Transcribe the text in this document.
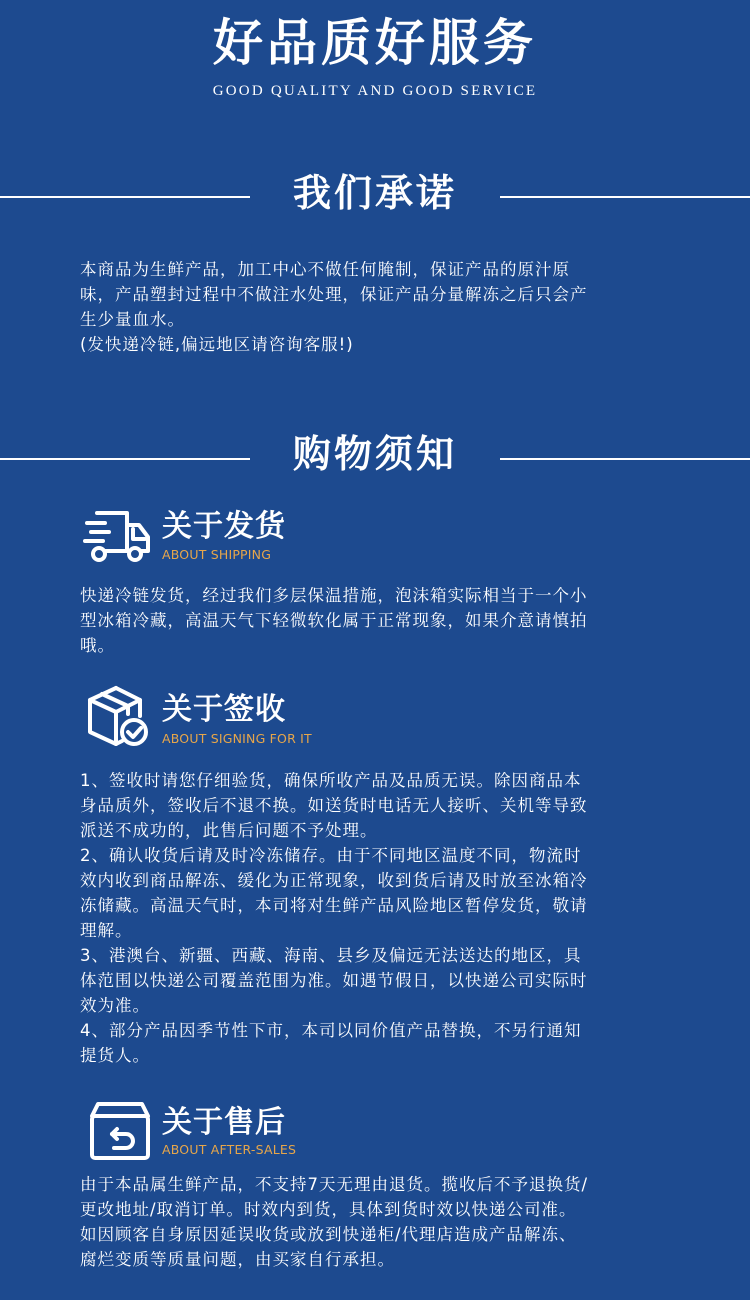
好品质好服务
GOOD QUALITY AND GOOD SERVICE
我们承诺

本商品为生鲜产品，加工中心不做任何腌制，保证产品的原汁原

味，产品塑封过程中不做注水处理，保证产品分量解冻之后只会产

生少量血水。

(发快递冷链,偏远地区请咨询客服!)

购物须知
关于发货
ABOUT SHIPPING

快递冷链发货，经过我们多层保温措施，泡沫箱实际相当于一个小

型冰箱冷藏，高温天气下轻微软化属于正常现象，如果介意请慎拍

哦。

关于签收
ABOUT SIGNING FOR IT

1、签收时请您仔细验货，确保所收产品及品质无误。除因商品本

身品质外，签收后不退不换。如送货时电话无人接听、关机等导致

派送不成功的，此售后问题不予处理。

2、确认收货后请及时冷冻储存。由于不同地区温度不同，物流时

效内收到商品解冻、缓化为正常现象，收到货后请及时放至冰箱冷

冻储藏。高温天气时，本司将对生鲜产品风险地区暂停发货，敬请

理解。

3、港澳台、新疆、西藏、海南、县乡及偏远无法送达的地区，具

体范围以快递公司覆盖范围为准。如遇节假日，以快递公司实际时

效为准。

4、部分产品因季节性下市，本司以同价值产品替换，不另行通知

提货人。

关于售后
ABOUT AFTER-SALES

由于本品属生鲜产品，不支持7天无理由退货。揽收后不予退换货/

更改地址/取消订单。时效内到货，具体到货时效以快递公司准。

如因顾客自身原因延误收货或放到快递柜/代理店造成产品解冻、

腐烂变质等质量问题，由买家自行承担。
